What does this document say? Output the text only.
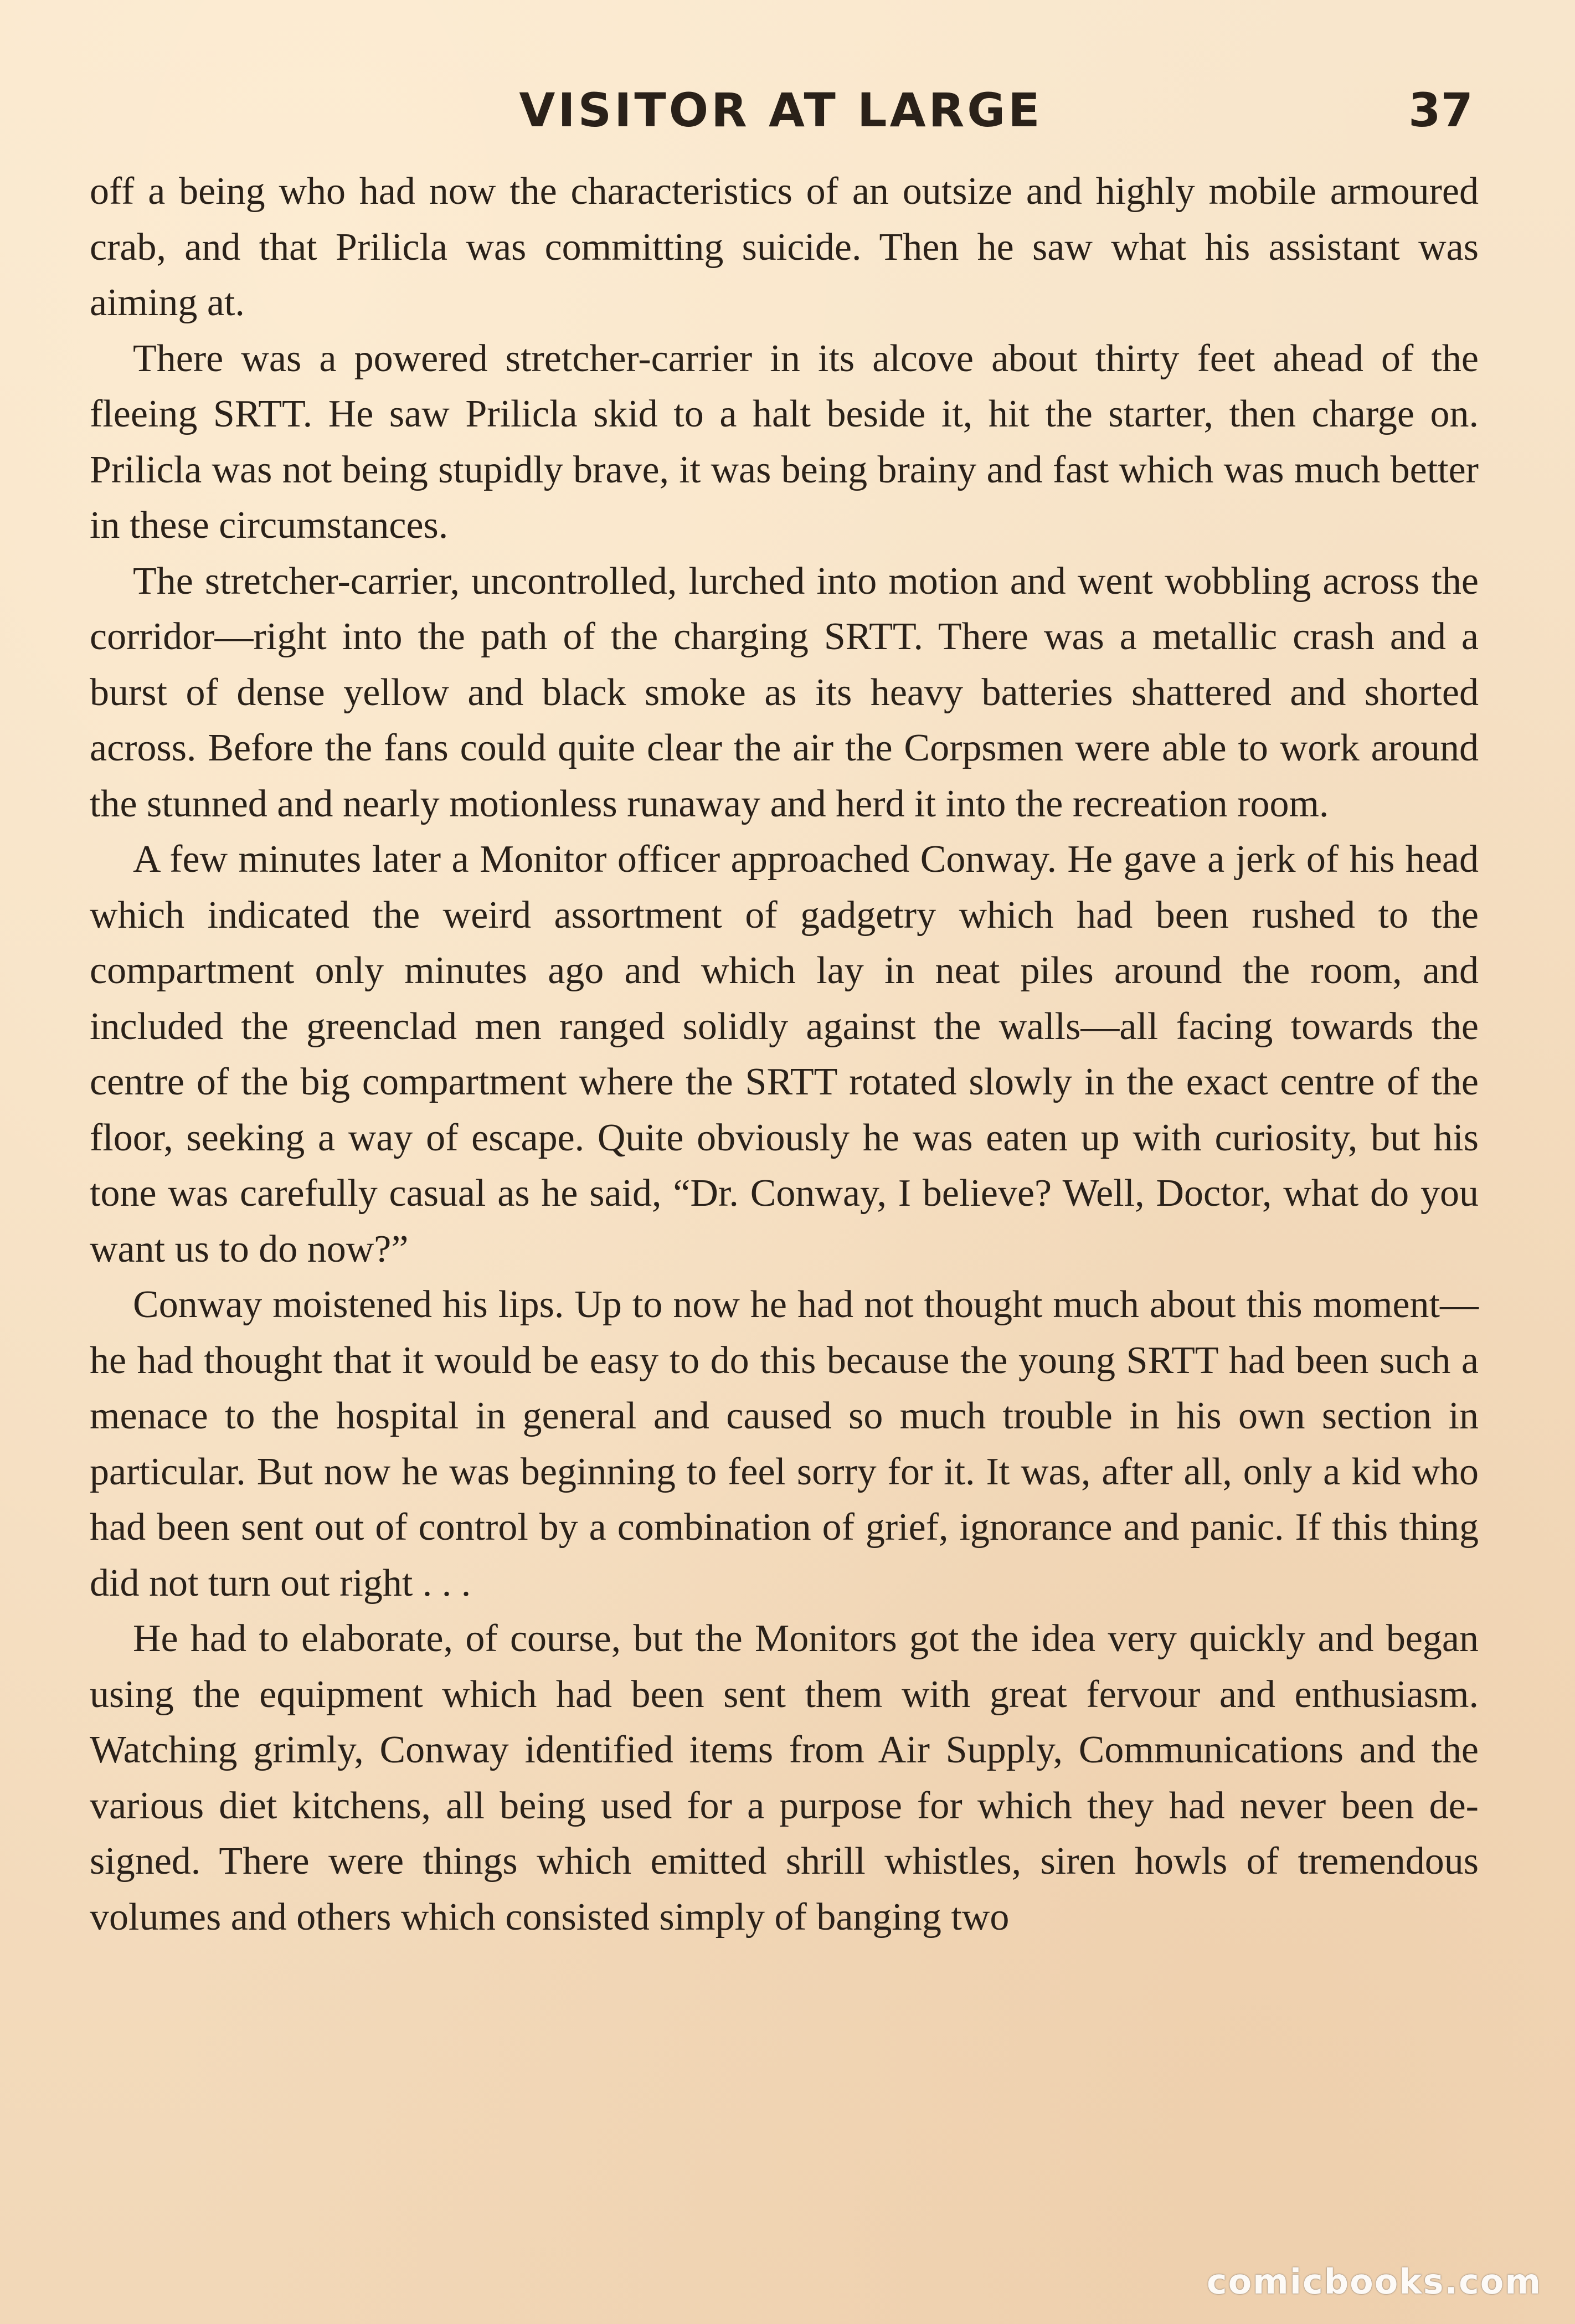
VISITOR AT LARGE	37

off a being who had now the characteristics of an outsize and highly mobile armoured crab, and that Prilicla was committing suicide. Then he saw what his assistant was aiming at.

There was a powered stretcher-carrier in its alcove about thirty feet ahead of the fleeing SRTT. He saw Prilicla skid to a halt beside it, hit the starter, then charge on. Prilicla was not being stupidly brave, it was being brainy and fast which was much better in these circumstances.

The stretcher-carrier, uncontrolled, lurched into motion and went wobbling across the corridor—right into the path of the charging SRTT. There was a metallic crash and a burst of dense yellow and black smoke as its heavy batteries shattered and shorted across. Before the fans could quite clear the air the Corpsmen were able to work around the stunned and nearly motionless runaway and herd it into the recreation room.

A few minutes later a Monitor officer approached Conway. He gave a jerk of his head which indicated the weird assortment of gadgetry which had been rushed to the compartment only minutes ago and which lay in neat piles around the room, and included the greenclad men ranged solidly against the walls—all facing towards the centre of the big compartment where the SRTT rotated slowly in the exact centre of the floor, seeking a way of escape. Quite obviously he was eaten up with curiosity, but his tone was carefully casual as he said, “Dr. Conway, I believe? Well, Doctor, what do you want us to do now?”

Conway moistened his lips. Up to now he had not thought much about this moment—he had thought that it would be easy to do this because the young SRTT had been such a menace to the hospital in general and caused so much trouble in his own section in particular. But now he was beginning to feel sorry for it. It was, after all, only a kid who had been sent out of control by a combination of grief, ignorance and panic. If this thing did not turn out right . . .

He had to elaborate, of course, but the Monitors got the idea very quickly and began using the equipment which had been sent them with great fervour and enthusiasm. Watching grimly, Conway identified items from Air Supply, Communications and the various diet kitchens, all being used for a purpose for which they had never been de-signed. There were things which emitted shrill whistles, siren howls of tremendous volumes and others which consisted simply of banging two

comicbooks.com
